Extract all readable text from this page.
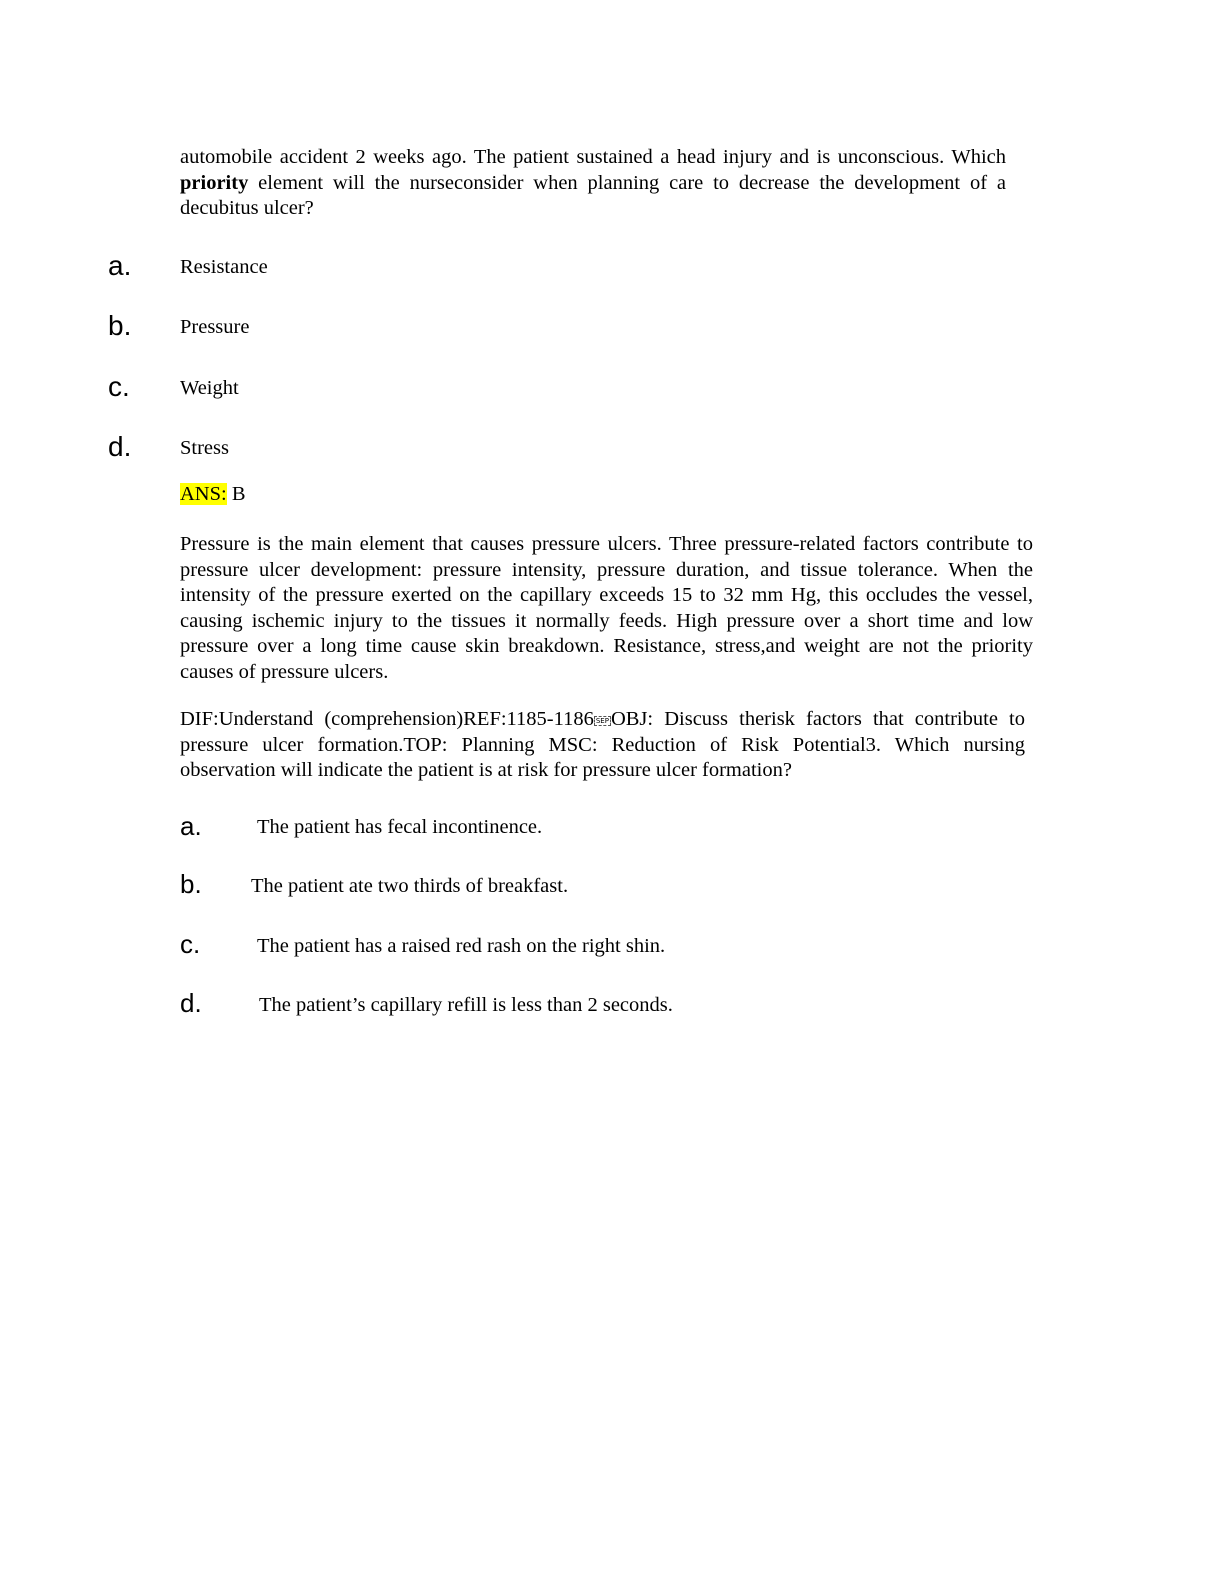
automobile accident 2 weeks ago. The patient sustained a head injury and is unconscious. Which priority element will the nurseconsider when planning care to decrease the development of a decubitus ulcer?
a. Resistance
b. Pressure
c. Weight
d. Stress
ANS: B
Pressure is the main element that causes pressure ulcers. Three pressure-related factors contribute to pressure ulcer development: pressure intensity, pressure duration, and tissue tolerance. When the intensity of the pressure exerted on the capillary exceeds 15 to 32 mm Hg, this occludes the vessel, causing ischemic injury to the tissues it normally feeds. High pressure over a short time and low pressure over a long time cause skin breakdown. Resistance, stress,and weight are not the priority causes of pressure ulcers.
DIF:Understand (comprehension)REF:1185-1186 SEPOBJ: Discuss therisk factors that contribute to pressure ulcer formation.TOP: Planning MSC: Reduction of Risk Potential3. Which nursing observation will indicate the patient is at risk for pressure ulcer formation?
a.	The patient has fecal incontinence.
b. The patient ate two thirds of breakfast.
c.	The patient has a raised red rash on the right shin.
d.	The patient’s capillary refill is less than 2 seconds.
